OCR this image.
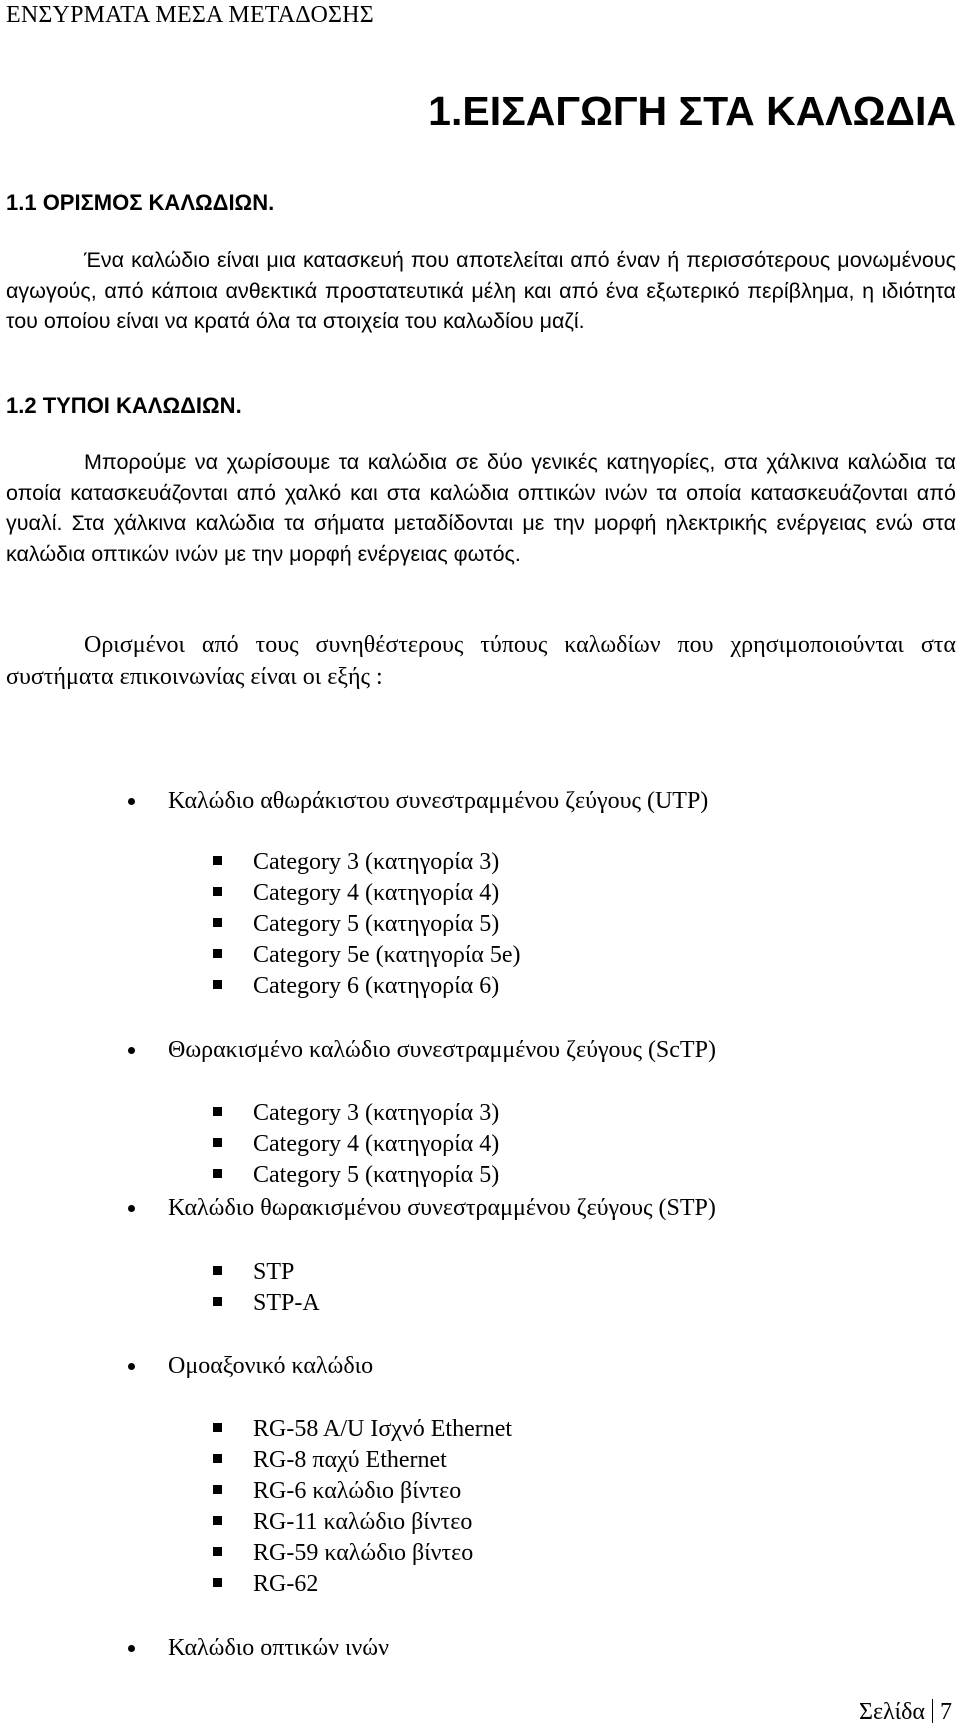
ΕΝΣΥΡΜΑΤΑ ΜΕΣΑ ΜΕΤΑΔΟΣΗΣ
1.ΕΙΣΑΓΩΓΗ ΣΤΑ ΚΑΛΩΔΙΑ
1.1 ΟΡΙΣΜΟΣ ΚΑΛΩΔΙΩΝ.
Ένα καλώδιο είναι μια κατασκευή που αποτελείται από έναν ή περισσότερους μονωμένους αγωγούς, από κάποια ανθεκτικά προστατευτικά μέλη και από ένα εξωτερικό περίβλημα, η ιδιότητα του οποίου είναι να κρατά όλα τα στοιχεία του καλωδίου μαζί.
1.2 ΤΥΠΟΙ ΚΑΛΩΔΙΩΝ.
Μπορούμε να χωρίσουμε τα καλώδια σε δύο γενικές κατηγορίες, στα χάλκινα καλώδια τα οποία κατασκευάζονται από χαλκό και στα καλώδια οπτικών ινών τα οποία κατασκευάζονται από γυαλί. Στα χάλκινα καλώδια τα σήματα μεταδίδονται με την μορφή ηλεκτρικής ενέργειας ενώ στα καλώδια οπτικών ινών με την μορφή ενέργειας φωτός.
Ορισμένοι από τους συνηθέστερους τύπους καλωδίων που χρησιμοποιούνται στα συστήματα επικοινωνίας είναι οι εξής :
Καλώδιο αθωράκιστου συνεστραμμένου ζεύγους (UTP)
Category 3 (κατηγορία 3)
Category 4 (κατηγορία 4)
Category 5 (κατηγορία 5)
Category 5e (κατηγορία 5e)
Category 6 (κατηγορία 6)
Θωρακισμένο καλώδιο συνεστραμμένου ζεύγους (ScTP)
Category 3 (κατηγορία 3)
Category 4 (κατηγορία 4)
Category 5 (κατηγορία 5)
Καλώδιο θωρακισμένου συνεστραμμένου ζεύγους (STP)
STP
STP-A
Ομοαξονικό καλώδιο
RG-58 A/U Ισχνό Ethernet
RG-8 παχύ Ethernet
RG-6 καλώδιο βίντεο
RG-11 καλώδιο βίντεο
RG-59 καλώδιο βίντεο
RG-62
Καλώδιο οπτικών ινών
Σελίδα 7
